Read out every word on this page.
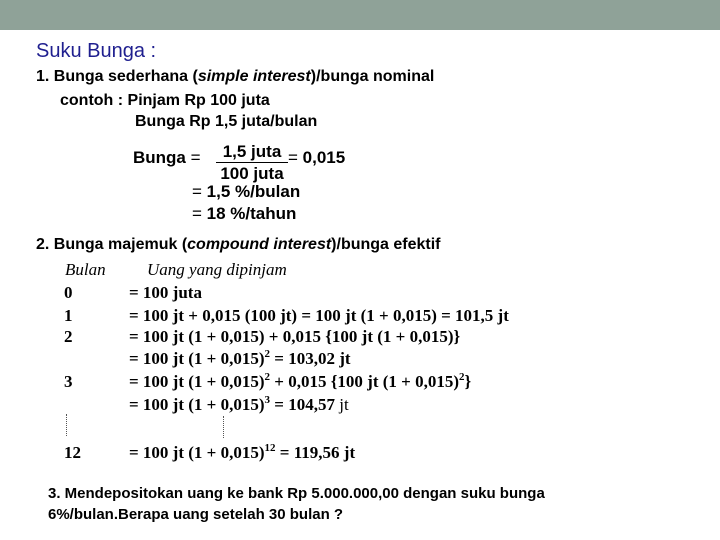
Suku Bunga :
1. Bunga sederhana (simple interest)/bunga nominal
contoh : Pinjam Rp 100 juta
Bunga Rp 1,5 juta/bulan
Bunga =	1,5 juta
100 juta
= 0,015
= 1,5 %/bulan
= 18 %/tahun
2. Bunga majemuk (compound interest)/bunga efektif
Bulan Uang yang dipinjam
0	= 100 juta
1	= 100 jt + 0,015 (100 jt) = 100 jt (1 + 0,015) = 101,5 jt
2	= 100 jt (1 + 0,015) + 0,015 {100 jt (1 + 0,015)}
= 100 jt $(1 + 0,015)^2 = 103,02$ jt
3	= 100 jt $(1 + 0,015)^2 + 0,015$ {100 jt $(1 + 0,015)^2$}
= 100 jt $(1 + 0,015)^3 = 104,57$ jt
12	= 100 jt $(1 + 0,015)^{12} = 119,56$ jt
3. Mendepositokan uang ke bank Rp 5.000.000,00 dengan suku bunga
6%/bulan.Berapa uang setelah 30 bulan ?
